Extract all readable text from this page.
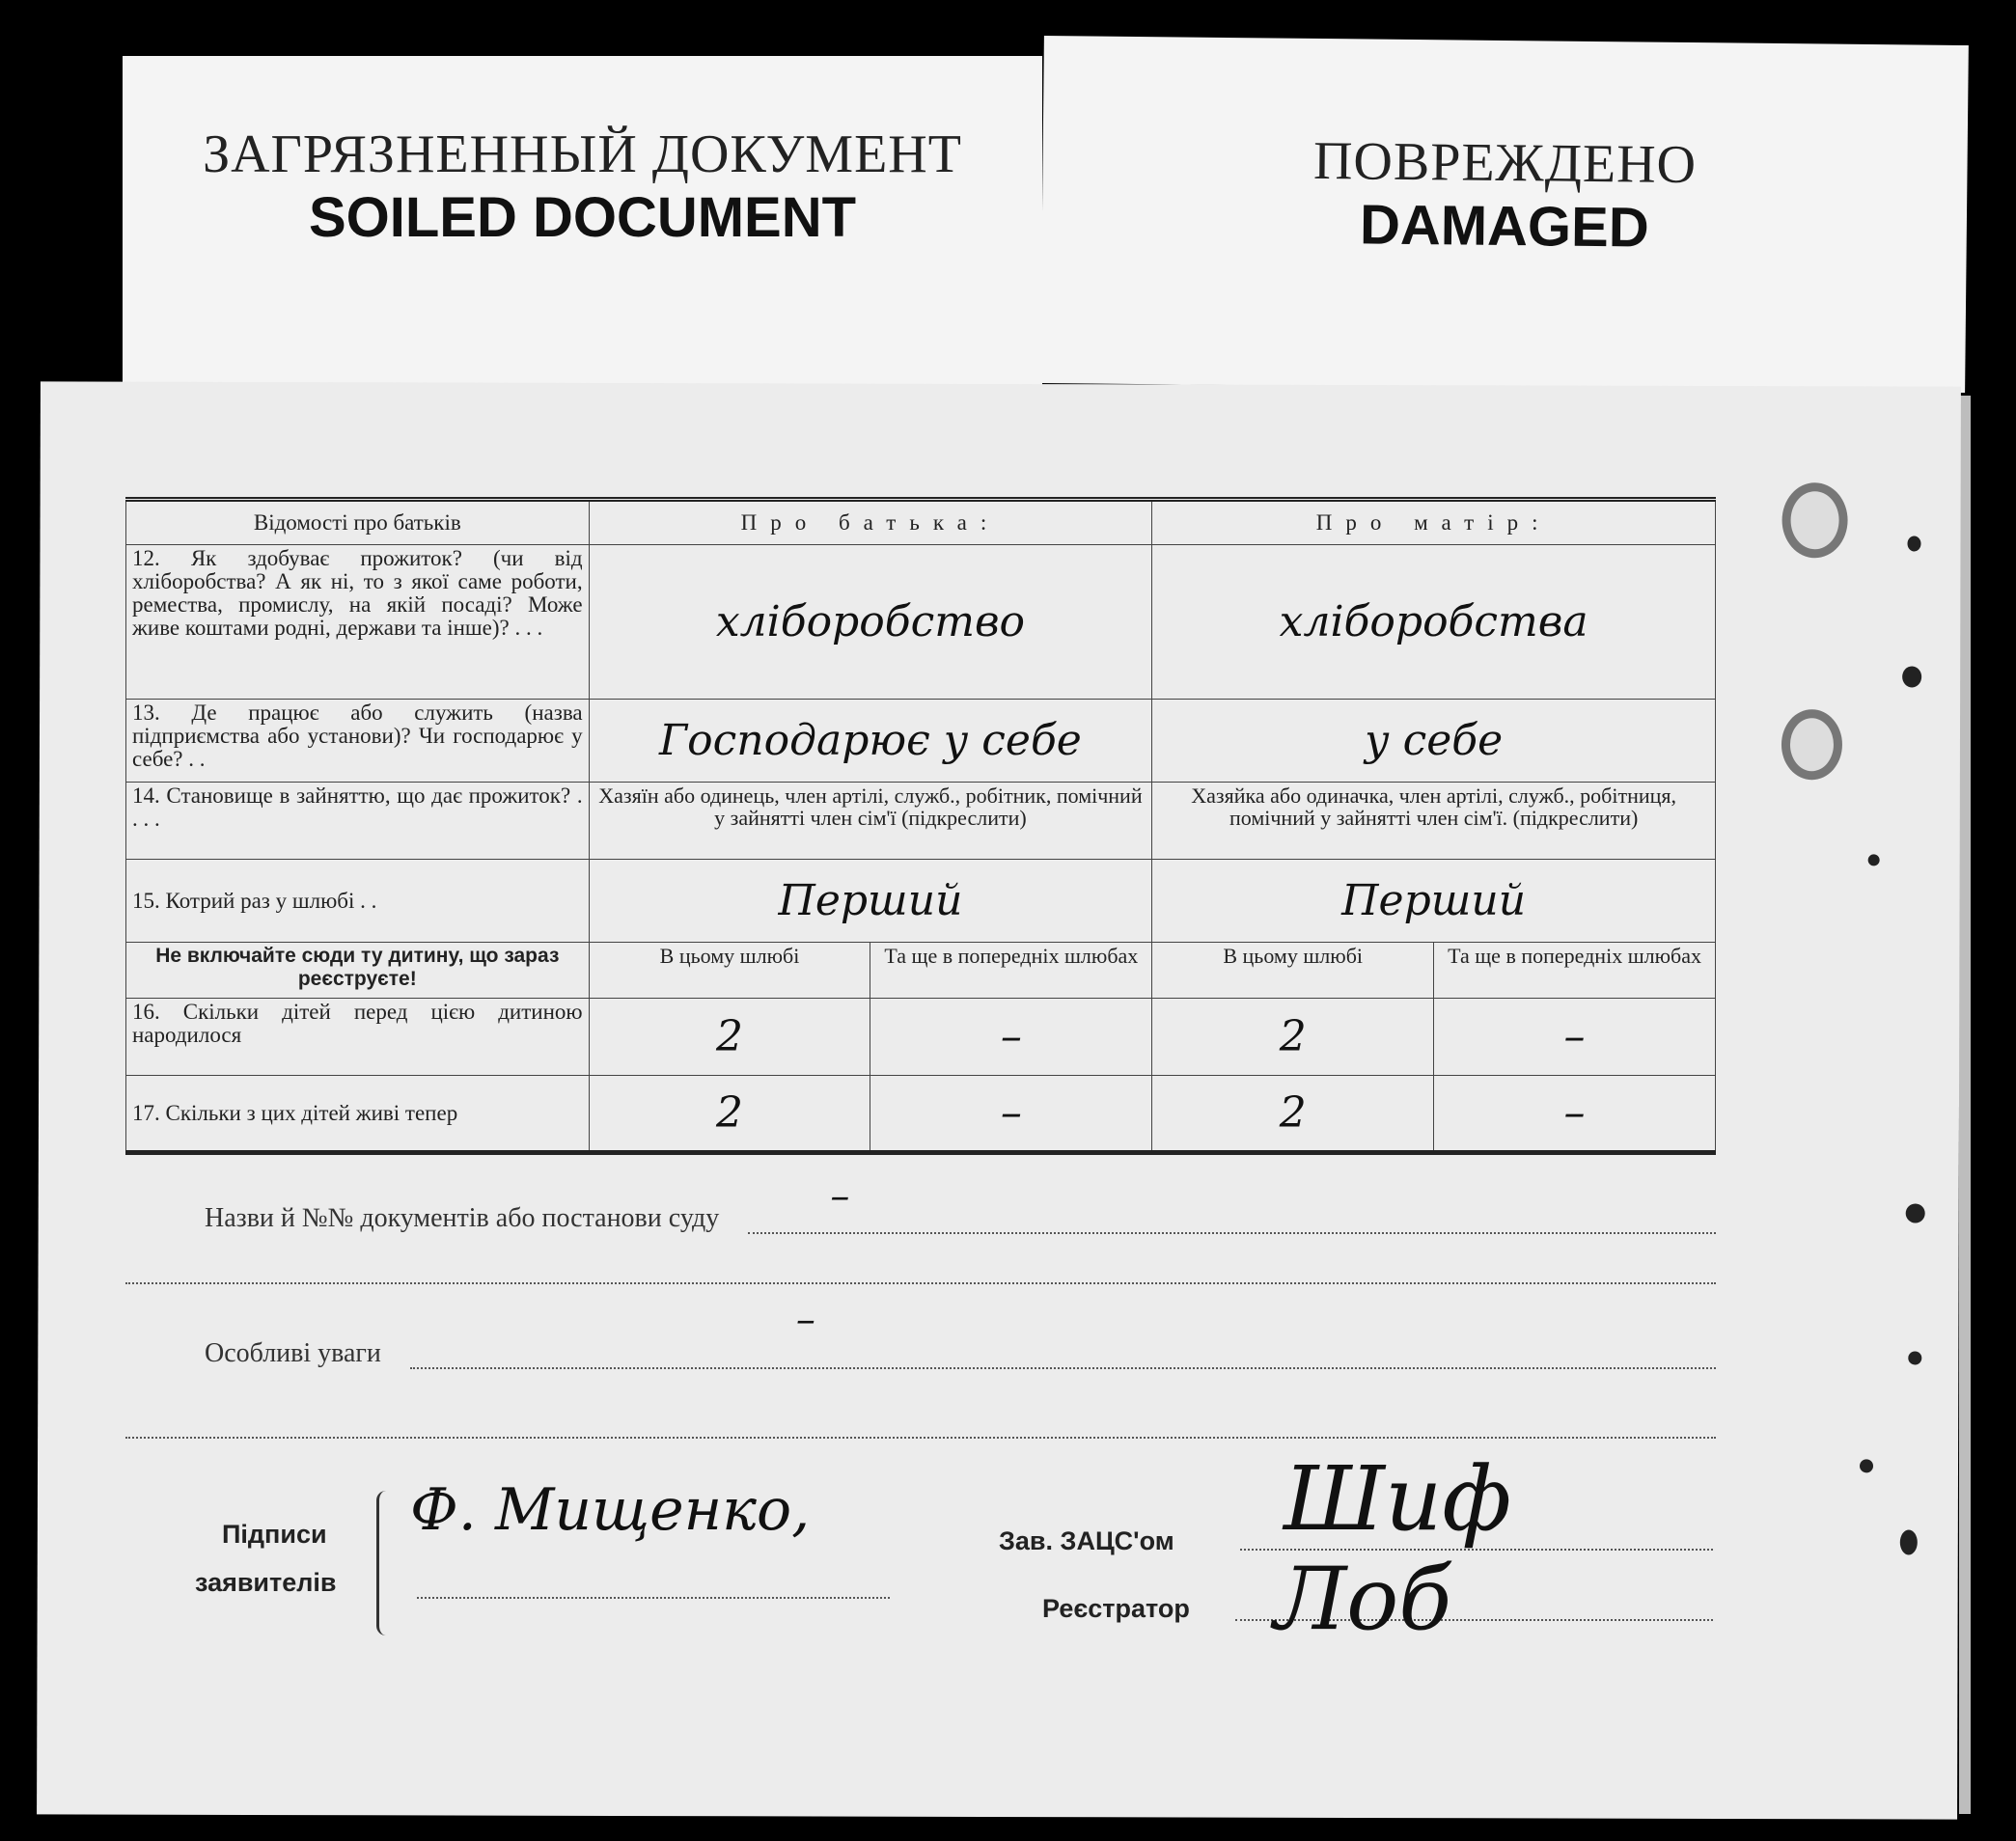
ЗАГРЯЗНЕННЫЙ ДОКУМЕНТ
SOILED DOCUMENT
ПОВРЕЖДЕНО
DAMAGED
Відомості про батьків	Про батька:		Про матір:	
12. Як здобуває прожиток? (чи від хліборобства? А як ні, то з якої саме роботи, ремества, промислу, на якій посаді? Може живе коштами родні, держави та інше)? . . .	хліборобство		хліборобства	
13. Де працює або служить (назва підприємства або установи)? Чи господарює у себе? . .	Господарює у себе		у себе	
14. Становище в зайняттю, що дає прожиток? . . . .	Хазяїн або одинець, член артілі, служб., робітник, помічний у зайнятті член сім'ї (підкреслити)		Хазяйка або одиначка, член артілі, служб., робітниця, помічний у зайнятті член сім'ї. (підкреслити)	
15. Котрий раз у шлюбі . .	Перший		Перший	
Не включайте сюди ту дитину, що зараз реєструєте!	В цьому шлюбі	Та ще в попередніх шлюбах	В цьому шлюбі	Та ще в попередніх шлюбах
16. Скільки дітей перед цією дитиною народилося	2	–	2	–
17. Скільки з цих дітей живі тепер	2	–	2	–
Назви й №№ документів або постанови суду	–
Особливі уваги
–
Підписи
заявителів
Ф. Мищенко,	Зав. ЗАЦС'ом Шиф
Реєстратор Лоб
